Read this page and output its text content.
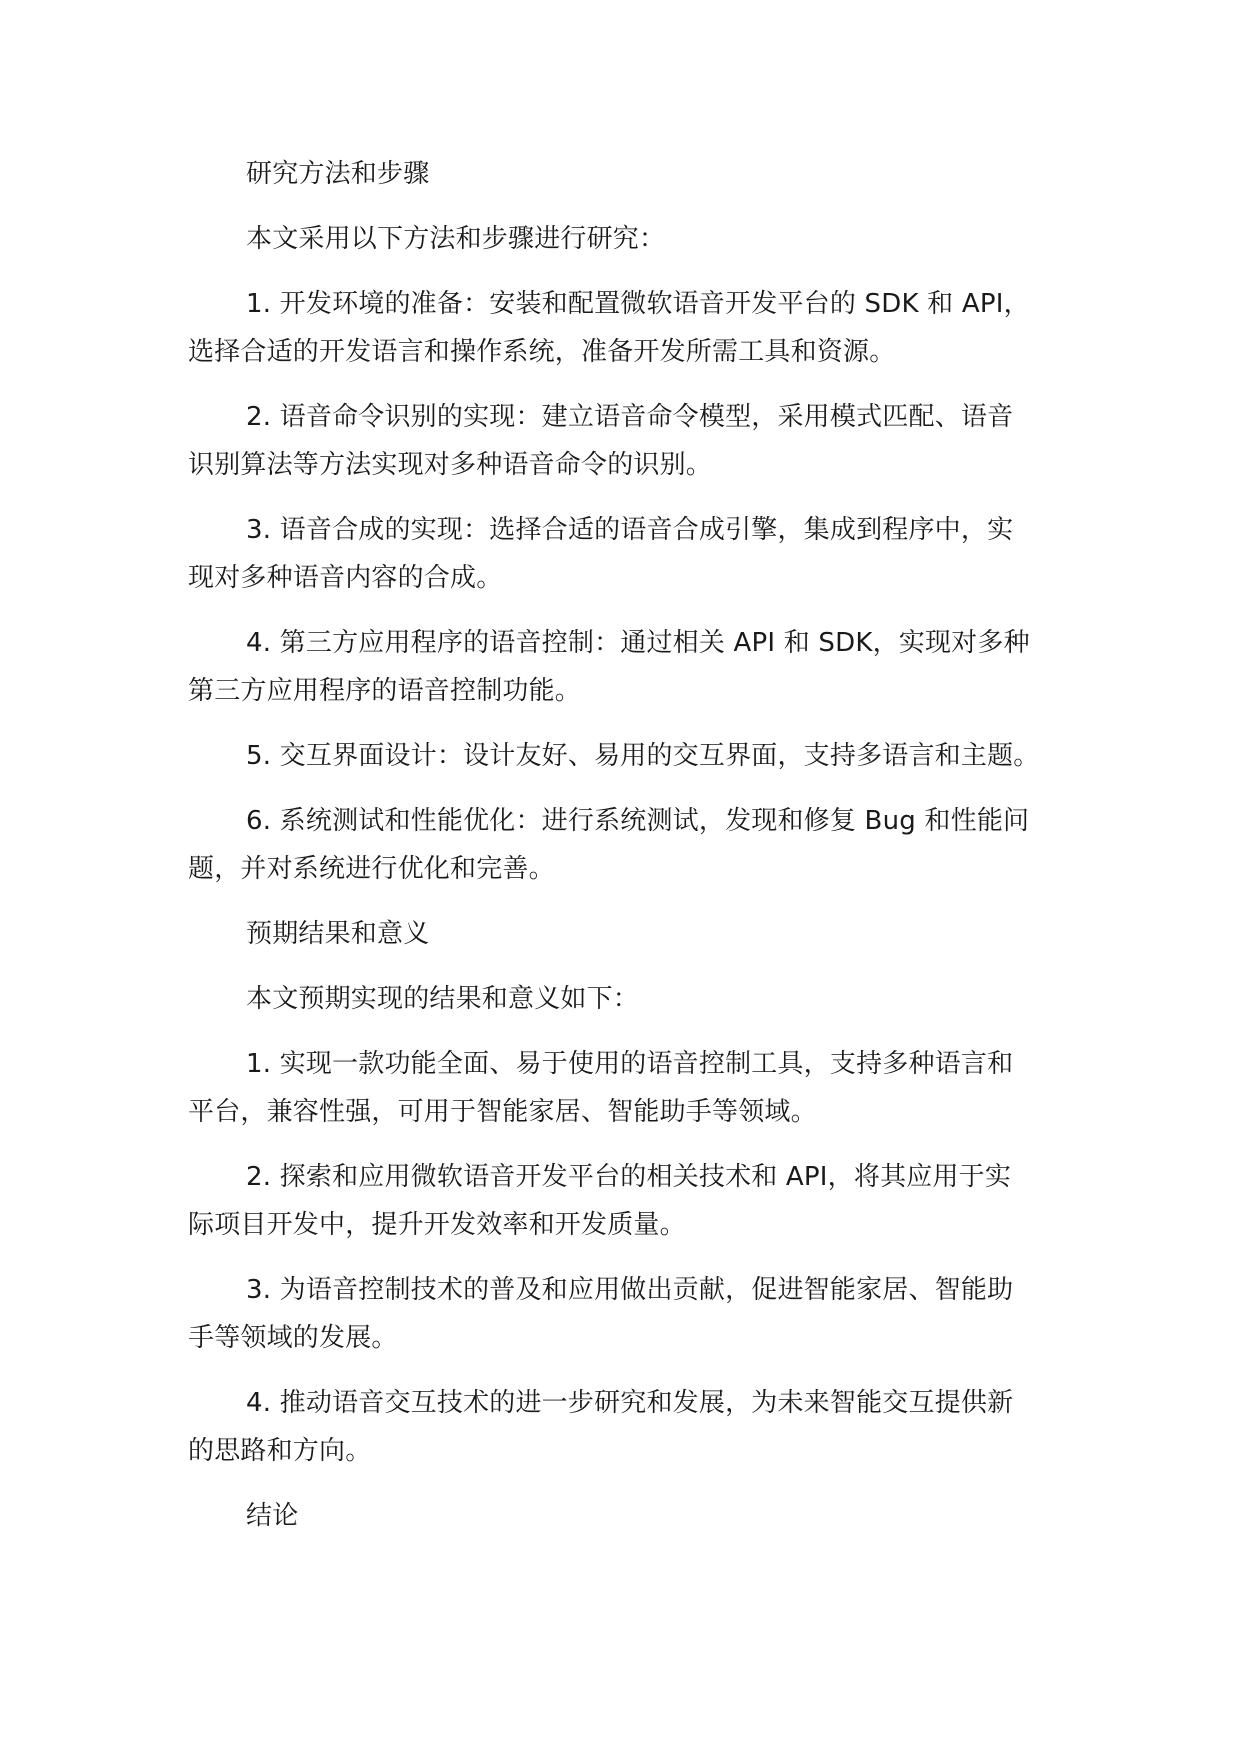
研究方法和步骤

本文采用以下方法和步骤进行研究：

1. 开发环境的准备：安装和配置微软语音开发平台的 SDK 和 API，
选择合适的开发语言和操作系统，准备开发所需工具和资源。
2. 语音命令识别的实现：建立语音命令模型，采用模式匹配、语音
识别算法等方法实现对多种语音命令的识别。
3. 语音合成的实现：选择合适的语音合成引擎，集成到程序中，实
现对多种语音内容的合成。
4. 第三方应用程序的语音控制：通过相关 API 和 SDK，实现对多种
第三方应用程序的语音控制功能。
5. 交互界面设计：设计友好、易用的交互界面，支持多语言和主题。
6. 系统测试和性能优化：进行系统测试，发现和修复 Bug 和性能问
题，并对系统进行优化和完善。

预期结果和意义

本文预期实现的结果和意义如下：

1. 实现一款功能全面、易于使用的语音控制工具，支持多种语言和
平台，兼容性强，可用于智能家居、智能助手等领域。
2. 探索和应用微软语音开发平台的相关技术和 API，将其应用于实
际项目开发中，提升开发效率和开发质量。
3. 为语音控制技术的普及和应用做出贡献，促进智能家居、智能助
手等领域的发展。
4. 推动语音交互技术的进一步研究和发展，为未来智能交互提供新
的思路和方向。

结论
